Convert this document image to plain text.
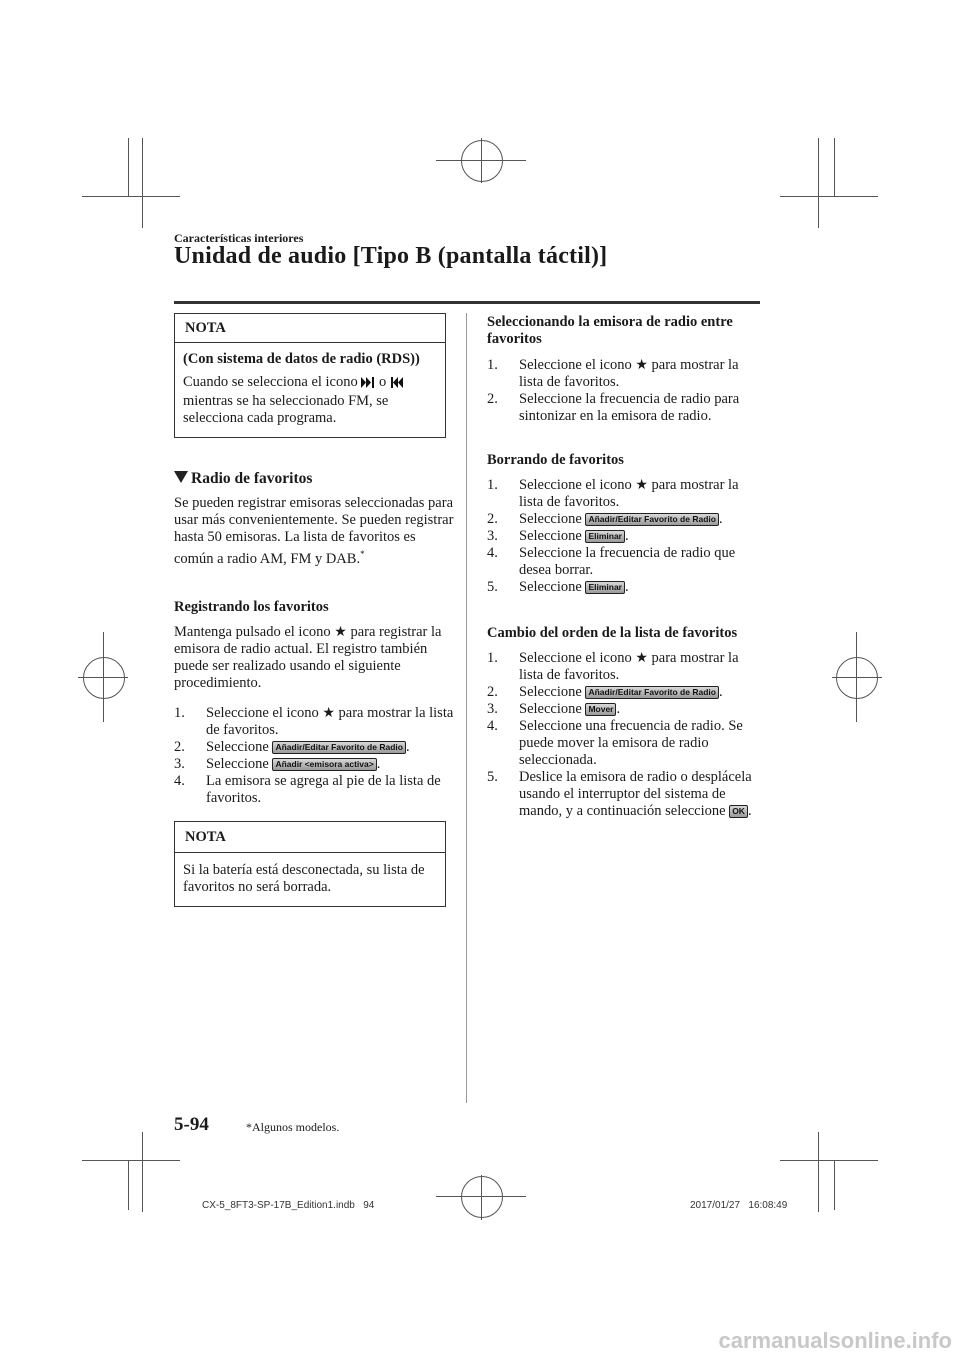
Características interiores
Unidad de audio [Tipo B (pantalla táctil)]
NOTA
(Con sistema de datos de radio (RDS))
Cuando se selecciona el icono o  mientras se ha seleccionado FM, se selecciona cada programa.
Radio de favoritos
Se pueden registrar emisoras seleccionadas para usar más convenientemente. Se pueden registrar hasta 50 emisoras. La lista de favoritos es común a radio AM, FM y DAB.*
Registrando los favoritos
Mantenga pulsado el icono ★ para registrar la emisora de radio actual. El registro también puede ser realizado usando el siguiente procedimiento.
1. Seleccione el icono ★ para mostrar la lista de favoritos.
2. Seleccione Añadir/Editar Favorito de Radio .
3. Seleccione Añadir <emisora activa> .
4. La emisora se agrega al pie de la lista de favoritos.
NOTA
Si la batería está desconectada, su lista de favoritos no será borrada.
Seleccionando la emisora de radio entre favoritos
1. Seleccione el icono ★ para mostrar la lista de favoritos.
2. Seleccione la frecuencia de radio para sintonizar en la emisora de radio.
Borrando de favoritos
1. Seleccione el icono ★ para mostrar la lista de favoritos.
2. Seleccione Añadir/Editar Favorito de Radio .
3. Seleccione Eliminar .
4. Seleccione la frecuencia de radio que desea borrar.
5. Seleccione Eliminar .
Cambio del orden de la lista de favoritos
1. Seleccione el icono ★ para mostrar la lista de favoritos.
2. Seleccione Añadir/Editar Favorito de Radio .
3. Seleccione Mover .
4. Seleccione una frecuencia de radio. Se puede mover la emisora de radio seleccionada.
5. Deslice la emisora de radio o desplácela usando el interruptor del sistema de mando, y a continuación seleccione OK .
5-94	*Algunos modelos.
CX-5_8FT3-SP-17B_Edition1.indb   94	2017/01/27   16:08:49
carmanualsonline.info
